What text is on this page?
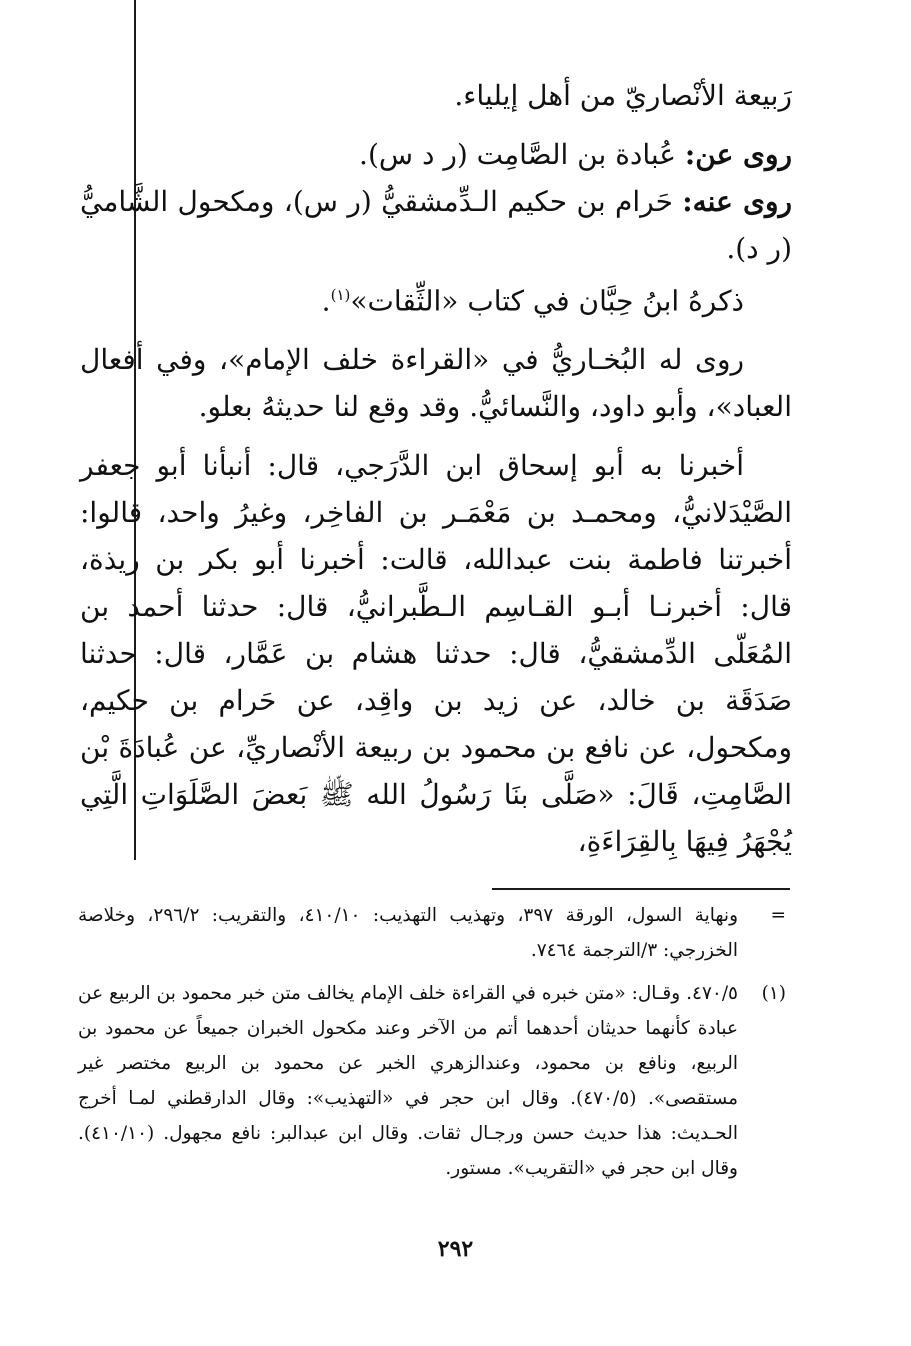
رَبيعة الأنْصاريّ من أهل إيلياء.

روى عن: عُبادة بن الصَّامِت (ر د س).

روى عنه: حَرام بن حكيم الـدِّمشقيُّ (ر س)، ومكحول الشَّاميُّ (ر د).

ذكرهُ ابنُ حِبَّان في كتاب «الثِّقات»$^{(١)}$.

روى له البُخـاريُّ في «القراءة خلف الإمام»، وفي أفعال العباد»، وأبو داود، والنَّسائيُّ. وقد وقع لنا حديثهُ بعلو.

أخبرنا به أبو إسحاق ابن الدَّرَجي، قال: أنبأنا أبو جعفر الصَّيْدَلانيُّ، ومحمـد بن مَعْمَـر بن الفاخِر، وغيرُ واحد، قالوا: أخبرتنا فاطمة بنت عبدالله، قالت: أخبرنا أبو بكر بن ريذة، قال: أخبرنـا أبـو القـاسِم الـطَّبرانيُّ، قال: حدثنا أحمد بن المُعَلّى الدِّمشقيُّ، قال: حدثنا هشام بن عَمَّار، قال: حدثنا صَدَقَة بن خالد، عن زيد بن واقِد، عن حَرام بن حكيم، ومكحول، عن نافع بن محمود بن ربيعة الأنْصاريِّ، عن عُبادَةَ بْن الصَّامِتِ، قَالَ: «صَلَّى بنَا رَسُولُ الله ﷺ بَعضَ الصَّلَوَاتِ الَّتِي يُجْهَرُ فِيهَا بِالقِرَاءَةِ،

=
ونهاية السول، الورقة ٣٩٧، وتهذيب التهذيب: ٤١٠/١٠، والتقريب: ٢٩٦/٢، وخلاصة الخزرجي: ٣/الترجمة ٧٤٦٤.
(١)
٤٧٠/٥. وقـال: «متن خبره في القراءة خلف الإمام يخالف متن خبر محمود بن الربيع عن عبادة كأنهما حديثان أحدهما أتم من الآخر وعند مكحول الخبران جميعاً عن محمود بن الربيع، ونافع بن محمود، وعندالزهري الخبر عن محمود بن الربيع مختصر غير مستقصى». (٤٧٠/٥). وقال ابن حجر في «التهذيب»: وقال الدارقطني لمـا أخرج الحـديث: هذا حديث حسن ورجـال ثقات. وقال ابن عبدالبر: نافع مجهول. (٤١٠/١٠). وقال ابن حجر في «التقريب». مستور.
٢٩٢
